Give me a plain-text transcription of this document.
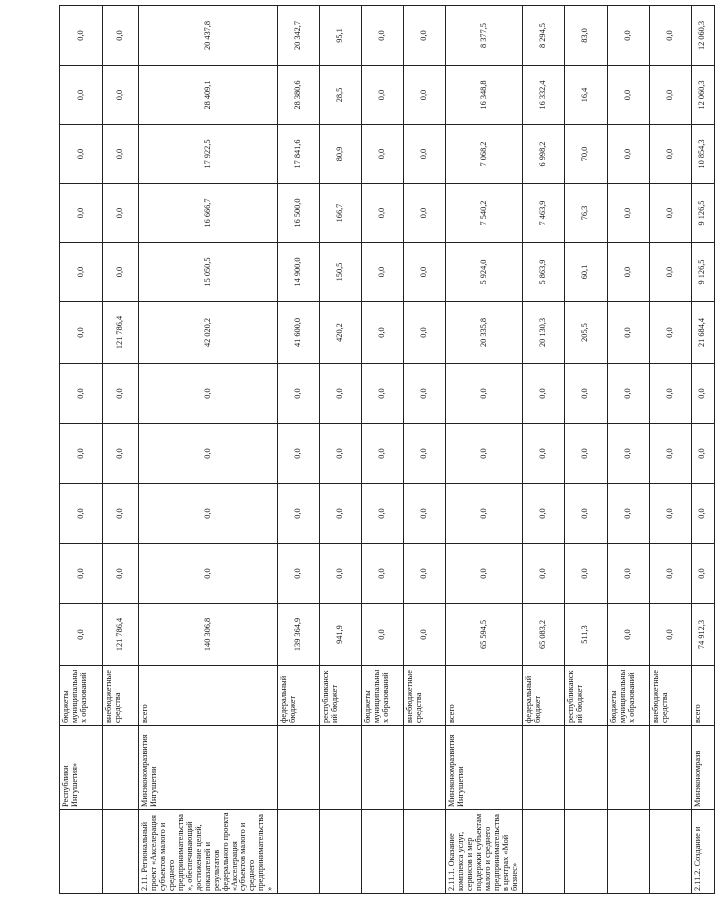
	Республики Ингушетия»	бюджеты муниципальных образований	0,0	0,0	0,0	0,0	0,0	0,0	0,0	0,0	0,0	0,0	0,0
		внебюджетные средства	121 786,4	0,0	0,0	0,0	0,0	121 786,4	0,0	0,0	0,0	0,0	0,0
2.11. Региональный проект «Акселерация субъектов малого и среднего предпринимательства», обеспечивающий достижение целей, показателей и результатов федерального проекта «Акселерация субъектов малого и среднего предпринимательства»	Минэкономразвития Ингушетии	всего	140 306,8	0,0	0,0	0,0	0,0	42 020,2	15 050,5	16 666,7	17 922,5	28 409,1	20 437,8
		федеральный бюджет	139 364,9	0,0	0,0	0,0	0,0	41 600,0	14 900,0	16 500,0	17 841,6	28 380,6	20 342,7
		республиканский бюджет	941,9	0,0	0,0	0,0	0,0	420,2	150,5	166,7	80,9	28,5	95,1
		бюджеты муниципальных образований	0,0	0,0	0,0	0,0	0,0	0,0	0,0	0,0	0,0	0,0	0,0
		внебюджетные средства	0,0	0,0	0,0	0,0	0,0	0,0	0,0	0,0	0,0	0,0	0,0
2.11.1. Оказание комплекса услуг, сервисов и мер поддержки субъектам малого и среднего предпринимательства в центрах «Мой бизнес»	Минэкономразвития Ингушетии	всего	65 594,5	0,0	0,0	0,0	0,0	20 335,8	5 924,0	7 540,2	7 068,2	16 348,8	8 377,5
		федеральный бюджет	65 083,2	0,0	0,0	0,0	0,0	20 130,3	5 863,9	7 463,9	6 998,2	16 332,4	8 294,5
		республиканский бюджет	511,3	0,0	0,0	0,0	0,0	205,5	60,1	76,3	70,0	16,4	83,0
		бюджеты муниципальных образований	0,0	0,0	0,0	0,0	0,0	0,0	0,0	0,0	0,0	0,0	0,0
		внебюджетные средства	0,0	0,0	0,0	0,0	0,0	0,0	0,0	0,0	0,0	0,0	0,0
2.11.2. Создание и	Минэкономразв	всего	74 912,3	0,0	0,0	0,0	0,0	21 684,4	9 126,5	9 126,5	10 854,3	12 060,3	12 060,3
